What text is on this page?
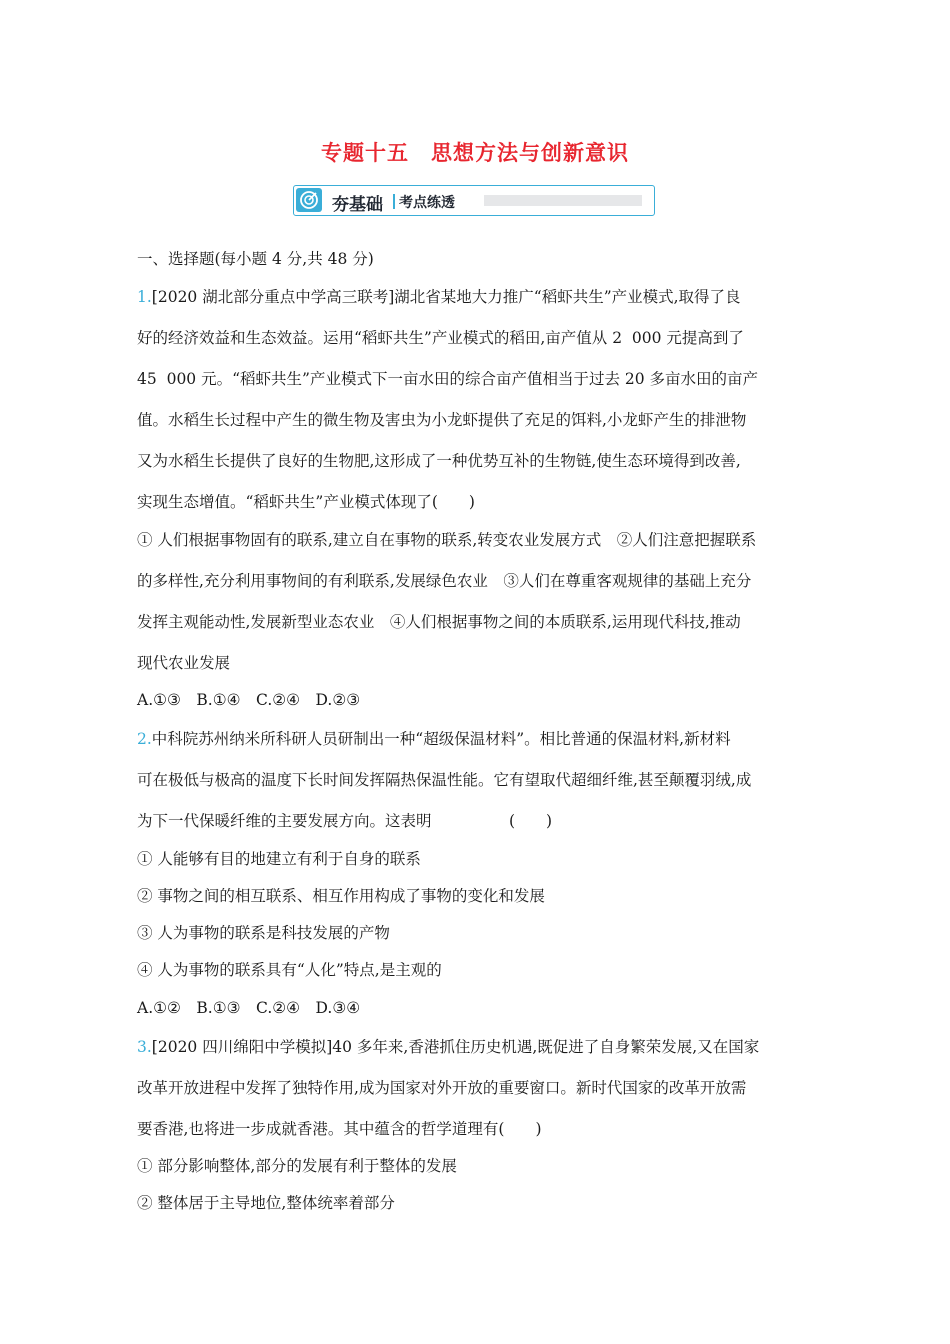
专题十五　思想方法与创新意识
夯基础 考点练透
一、选择题(每小题 4 分,共 48 分)
1.[2020 湖北部分重点中学高三联考]湖北省某地大力推广“稻虾共生”产业模式,取得了良
好的经济效益和生态效益。运用“稻虾共生”产业模式的稻田,亩产值从 2  000 元提高到了
45  000 元。“稻虾共生”产业模式下一亩水田的综合亩产值相当于过去 20 多亩水田的亩产
值。水稻生长过程中产生的微生物及害虫为小龙虾提供了充足的饵料,小龙虾产生的排泄物
又为水稻生长提供了良好的生物肥,这形成了一种优势互补的生物链,使生态环境得到改善,
实现生态增值。“稻虾共生”产业模式体现了(　　)
① 人们根据事物固有的联系,建立自在事物的联系,转变农业发展方式　②人们注意把握联系
的多样性,充分利用事物间的有利联系,发展绿色农业　③人们在尊重客观规律的基础上充分
发挥主观能动性,发展新型业态农业　④人们根据事物之间的本质联系,运用现代科技,推动
现代农业发展
A.①③　B.①④　C.②④　D.②③
2.中科院苏州纳米所科研人员研制出一种“超级保温材料”。相比普通的保温材料,新材料
可在极低与极高的温度下长时间发挥隔热保温性能。它有望取代超细纤维,甚至颠覆羽绒,成
为下一代保暖纤维的主要发展方向。这表明　　　　　(　　)
① 人能够有目的地建立有利于自身的联系
② 事物之间的相互联系、相互作用构成了事物的变化和发展
③ 人为事物的联系是科技发展的产物
④ 人为事物的联系具有“人化”特点,是主观的
A.①②　B.①③　C.②④　D.③④
3.[2020 四川绵阳中学模拟]40 多年来,香港抓住历史机遇,既促进了自身繁荣发展,又在国家
改革开放进程中发挥了独特作用,成为国家对外开放的重要窗口。新时代国家的改革开放需
要香港,也将进一步成就香港。其中蕴含的哲学道理有(　　)
① 部分影响整体,部分的发展有利于整体的发展
② 整体居于主导地位,整体统率着部分
